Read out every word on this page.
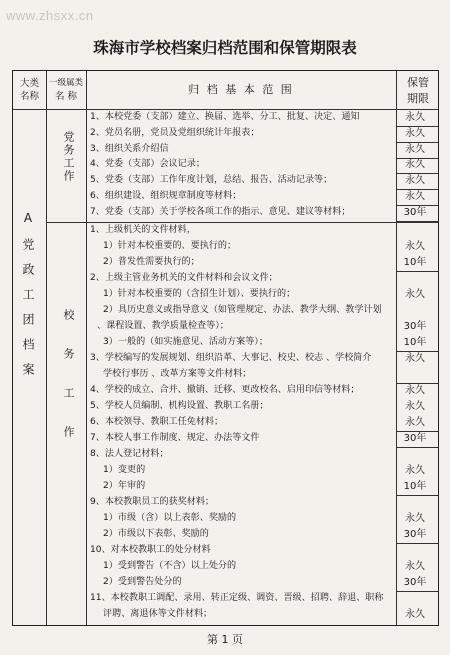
www.zhsxx.cn
珠海市学校档案归档范围和保管期限表
大类
名称
一级属类
名 称
归 档 基 本 范 围
保管
期限
A党政工团档案
党务工作
校务工作
1、本校党委（支部）建立、换届、选举、分工、批复、决定、通知	永久
2、党员名册，党员及党组织统计年报表；	永久
3、组织关系介绍信	永久
4、党委（支部）会议记录；	永久
5、党委（支部）工作年度计划，总结、报告、活动记录等；	永久
6、组织建设、组织规章制度等材料；	永久
7、党委（支部）关于学校各项工作的指示、意见、建议等材料；	30年
1、上级机关的文件材料，
1）针对本校重要的、要执行的；	永久
2）普发性需要执行的；	10年
2、上级主管业务机关的文件材料和会议文件；
1）针对本校重要的（含招生计划）、要执行的；	永久
2）具历史意义或指导意义（如管理规定、办法、教学大纲、教学计划
、课程设置、教学质量检查等）；	30年
3）一般的（如实施意见、活动方案等）；	10年
3、学校编写的发展规划、组织沿革、大事记、校史、校志 、学校简介	永久
学校行事历 、改革方案等文件材料；
4、学校的成立、合并、撤销、迁移、更改校名、启用印信等材料；	永久
5、学校人员编制、机构设置、教职工名册；	永久
6、本校领导、教职工任免材料；	永久
7、本校人事工作制度、规定、办法等文件	30年
8、法人登记材料；
1）变更的	永久
2）年审的	10年
9、本校教职员工的获奖材料；
1）市级（含）以上表彰、奖励的	永久
2）市级以下表彰、奖励的	30年
10、对本校教职工的处分材料
1）受到警告（不含）以上处分的	永久
2）受到警告处分的	30年
11、本校教职工调配、录用、转正定级、调资、晋级、招聘、辞退、职称
评聘、离退休等文件材料；	永久
第 1 页
